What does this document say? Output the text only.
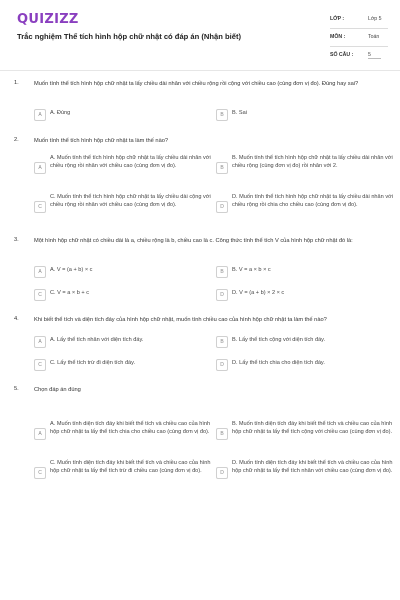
QUIZIZZ
Trắc nghiệm Thể tích hình hộp chữ nhật có đáp án (Nhận biết)
LỚP :	Lớp 5
MÔN :	Toán
SỐ CÂU :	5
1.	Muốn tính thể tích hình hộp chữ nhật ta lấy chiều dài nhân với chiều rộng rồi cộng với chiều cao (cùng đơn vị đo). Đúng hay sai?
A	A. Đúng	B	B. Sai
2.	Muốn tính thể tích hình hộp chữ nhật ta làm thế nào?
A
A. Muốn tính thể tích hình hộp chữ nhật ta lấy chiều dài nhân với chiều rộng rồi nhân với chiều cao (cùng đơn vị đo).	B
B. Muốn tính thể tích hình hộp chữ nhật ta lấy chiều dài nhân với chiều rộng (cùng đơn vị đo) rồi nhân với 2.
C
C. Muốn tính thể tích hình hộp chữ nhật ta lấy chiều dài cộng với chiều rộng rồi nhân với chiều cao (cùng đơn vị đo).	D
D. Muốn tính thể tích hình hộp chữ nhật ta lấy chiều dài nhân với chiều rộng rồi chia cho chiều cao (cùng đơn vị đo).
3.	Một hình hộp chữ nhật có chiều dài là a, chiều rộng là b, chiều cao là c. Công thức tính thể tích V của hình hộp chữ nhật đó là:
A	A. V = (a + b) × c	B	B. V = a × b × c
C	C. V = a × b + c	D	D. V = (a + b) × 2 × c
4.	Khi biết thể tích và diện tích đáy của hình hộp chữ nhật, muốn tính chiều cao của hình hộp chữ nhật ta làm thế nào?
A	A. Lấy thể tích nhân với diện tích đáy.	B	B. Lấy thể tích cộng với diện tích đáy.
C	C. Lấy thể tích trừ đi diện tích đáy.	D	D. Lấy thể tích chia cho diện tích đáy.
5.	Chọn đáp án đúng
A
A. Muốn tính diện tích đáy khi biết thể tích và chiều cao của hình hộp chữ nhật ta lấy thể tích chia cho chiều cao (cùng đơn vị đo).	B
B. Muốn tính diện tích đáy khi biết thể tích và chiều cao của hình hộp chữ nhật ta lấy thể tích cộng với chiều cao (cùng đơn vị đo).
C
C. Muốn tính diện tích đáy khi biết thể tích và chiều cao của hình hộp chữ nhật ta lấy thể tích trừ đi chiều cao (cùng đơn vị đo).	D
D. Muốn tính diện tích đáy khi biết thể tích và chiều cao của hình hộp chữ nhật ta lấy thể tích nhân với chiều cao (cùng đơn vị đo).
